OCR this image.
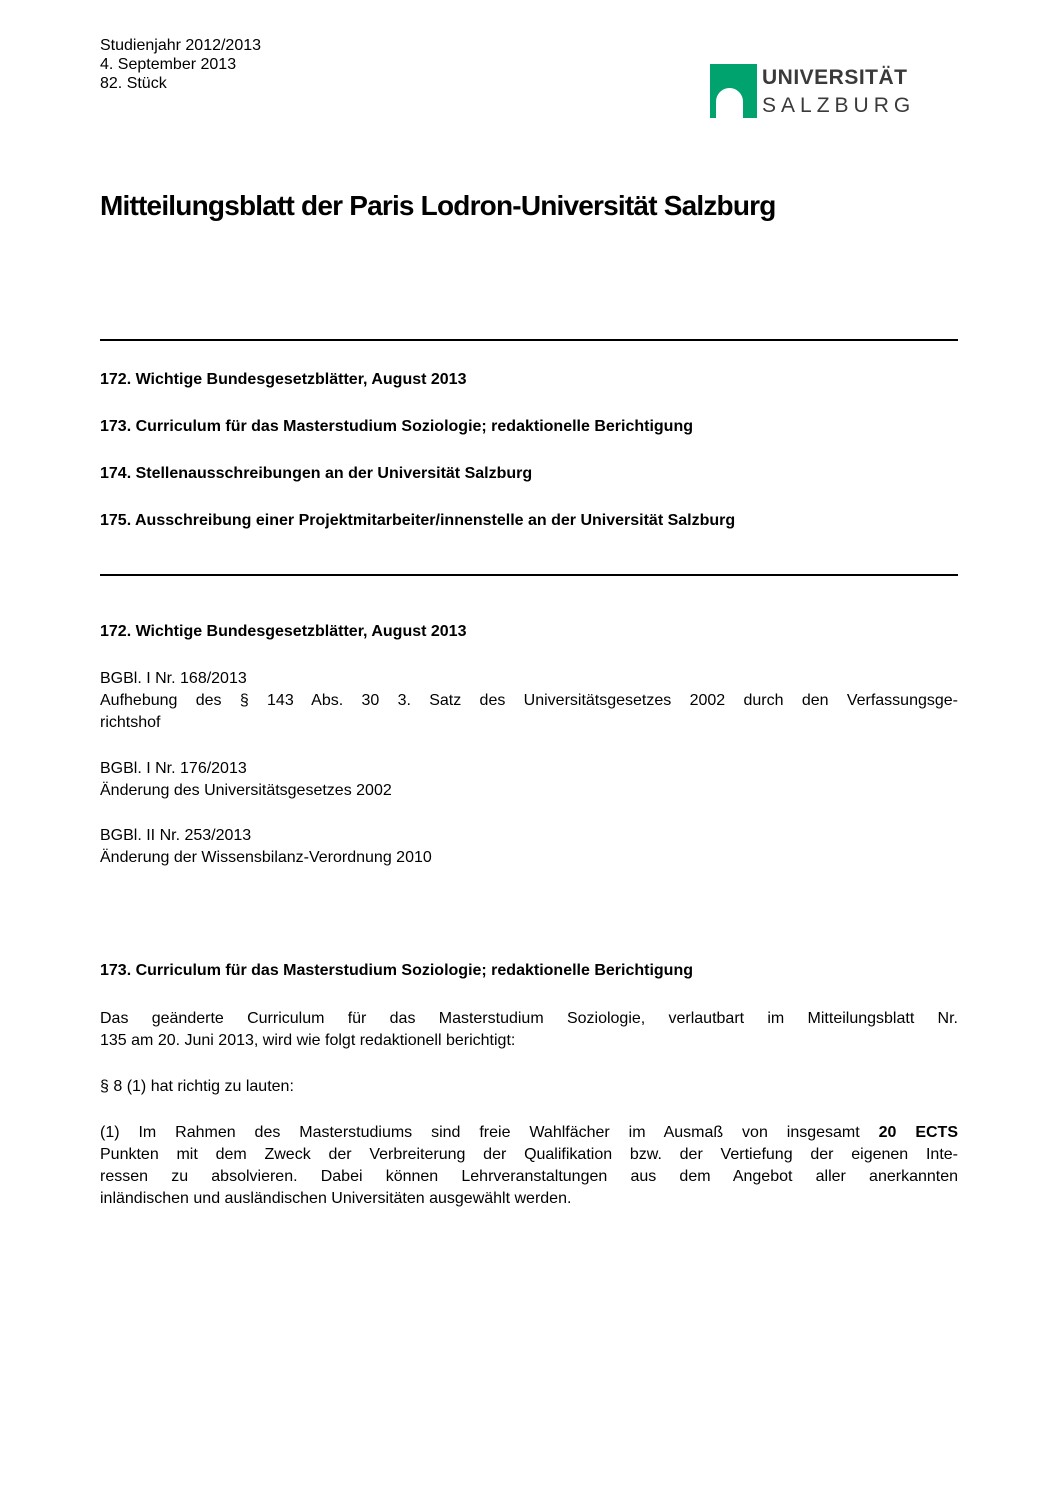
Studienjahr 2012/2013
4. September 2013
82. Stück	UNIVERSITÄT
SALZBURG
Mitteilungsblatt der Paris Lodron-Universität Salzburg
172. Wichtige Bundesgesetzblätter, August 2013
173. Curriculum für das Masterstudium Soziologie; redaktionelle Berichtigung
174. Stellenausschreibungen an der Universität Salzburg
175. Ausschreibung einer Projektmitarbeiter/innenstelle an der Universität Salzburg
172. Wichtige Bundesgesetzblätter, August 2013
BGBl. I Nr. 168/2013
Aufhebung des § 143 Abs. 30 3. Satz des Universitätsgesetzes 2002 durch den Verfassungsge-
richtshof
BGBl. I Nr. 176/2013
Änderung des Universitätsgesetzes 2002
BGBl. II Nr. 253/2013
Änderung der Wissensbilanz-Verordnung 2010
173. Curriculum für das Masterstudium Soziologie; redaktionelle Berichtigung
Das geänderte Curriculum für das Masterstudium Soziologie, verlautbart im Mitteilungsblatt Nr.
135 am 20. Juni 2013, wird wie folgt redaktionell berichtigt:
§ 8 (1) hat richtig zu lauten:
(1) Im Rahmen des Masterstudiums sind freie Wahlfächer im Ausmaß von insgesamt 20 ECTS
Punkten mit dem Zweck der Verbreiterung der Qualifikation bzw. der Vertiefung der eigenen Inte-
ressen zu absolvieren. Dabei können Lehrveranstaltungen aus dem Angebot aller anerkannten
inländischen und ausländischen Universitäten ausgewählt werden.
